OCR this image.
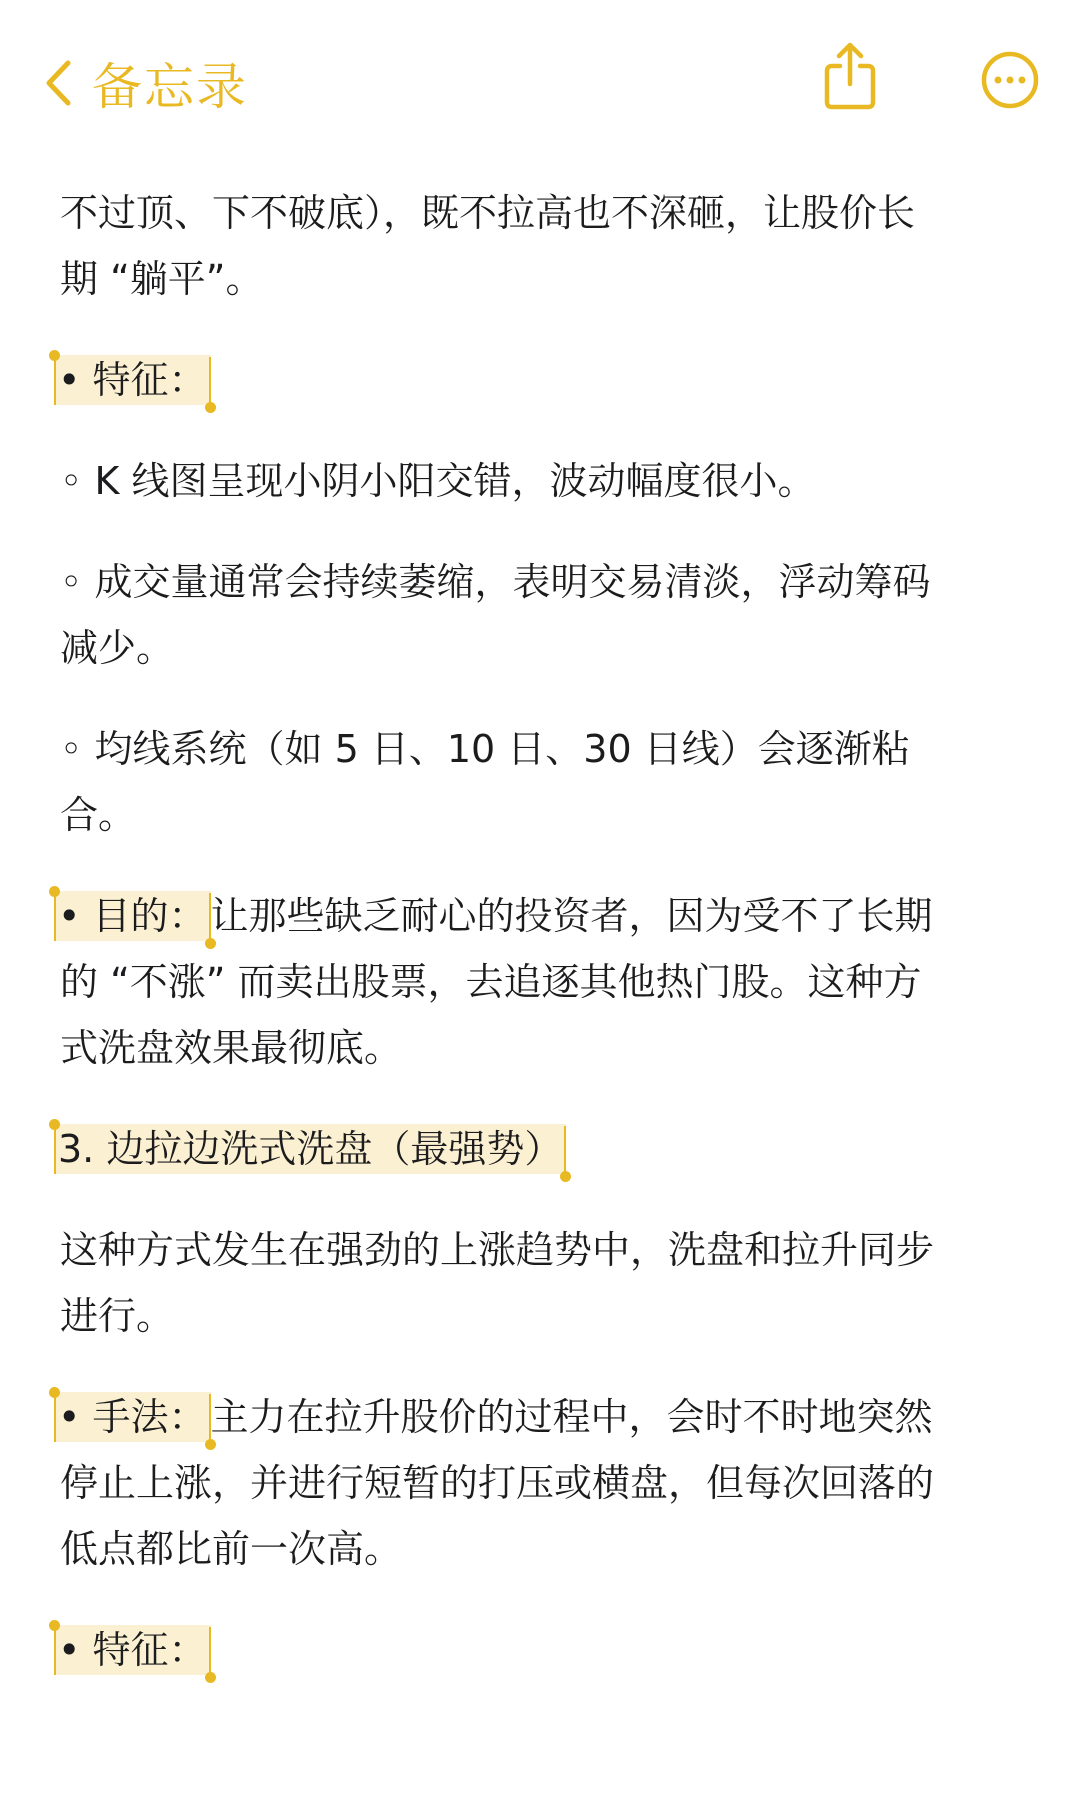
备忘录
不过顶、下不破底），既不拉高也不深砸，让股价长
期 “躺平”。
• 特征：
◦ K 线图呈现小阴小阳交错，波动幅度很小。
◦ 成交量通常会持续萎缩，表明交易清淡，浮动筹码
减少。
◦ 均线系统（如 5 日、10 日、30 日线）会逐渐粘
合。
• 目的： 让那些缺乏耐心的投资者，因为受不了长期
的 “不涨” 而卖出股票，去追逐其他热门股。这种方
式洗盘效果最彻底。
3. 边拉边洗式洗盘（最强势）
这种方式发生在强劲的上涨趋势中，洗盘和拉升同步
进行。
• 手法： 主力在拉升股价的过程中，会时不时地突然
停止上涨，并进行短暂的打压或横盘，但每次回落的
低点都比前一次高。
• 特征：
